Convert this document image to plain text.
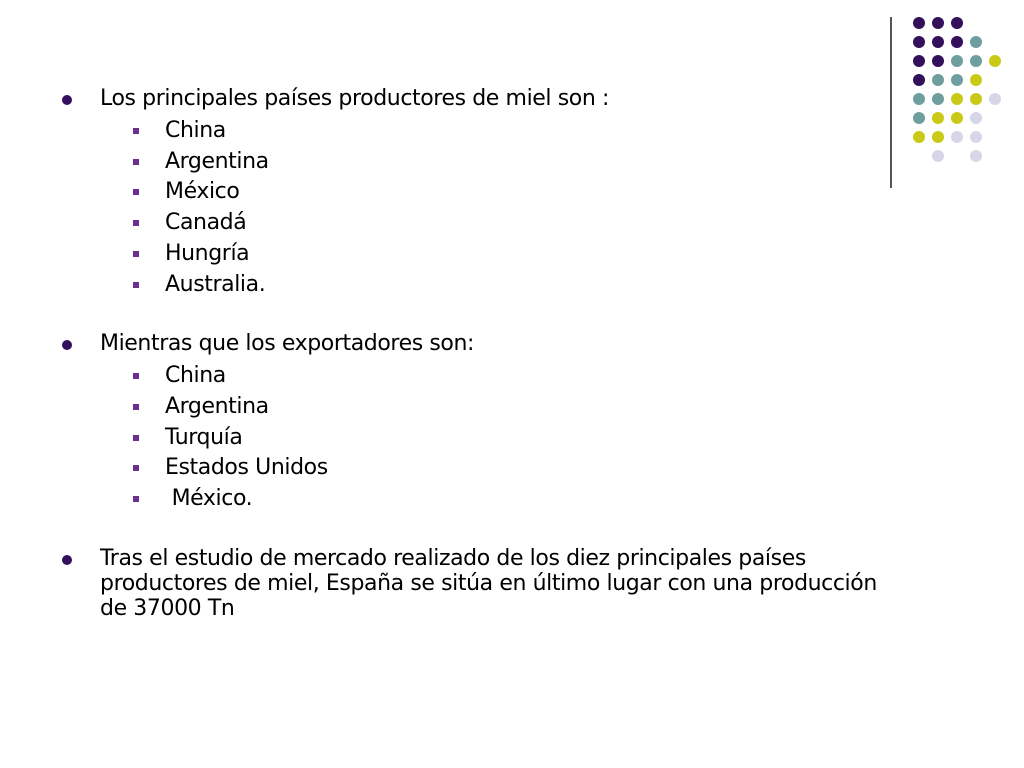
Los principales países productores de miel son :
China
Argentina
México
Canadá
Hungría
Australia.
Mientras que los exportadores son:
China
Argentina
Turquía
Estados Unidos
México.
Tras el estudio de mercado realizado de los diez principales países productores de miel, España se sitúa en último lugar con una producción de 37000 Tn
